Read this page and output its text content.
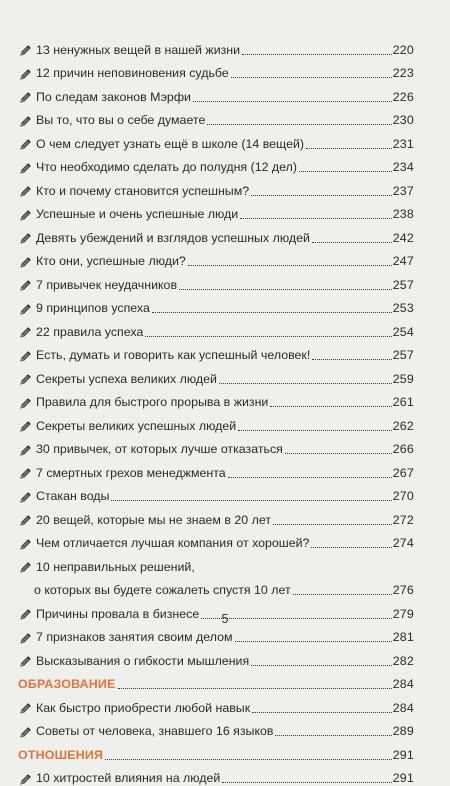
13 ненужных вещей в нашей жизни	220
12 причин неповиновения судьбе	223
По следам законов Мэрфи	226
Вы то, что вы о себе думаете	230
О чем следует узнать ещё в школе (14 вещей)	231
Что необходимо сделать до полудня (12 дел)	234
Кто и почему становится успешным?	237
Успешные и очень успешные люди	238
Девять убеждений и взглядов успешных людей	242
Кто они, успешные люди?	247
7 привычек неудачников	257
9 принципов успеха	253
22 правила успеха	254
Есть, думать и говорить как успешный человек!	257
Секреты успеха великих людей	259
Правила для быстрого прорыва в жизни	261
Секреты великих успешных людей	262
30 привычек, от которых лучше отказаться	266
7 смертных грехов менеджмента	267
Стакан воды	270
20 вещей, которые мы не знаем в 20 лет	272
Чем отличается лучшая компания от хорошей?	274
10 неправильных решений,
о которых вы будете сожалеть спустя 10 лет	276
Причины провала в бизнесе	279
7 признаков занятия своим делом	281
Высказывания о гибкости мышления	282
ОБРАЗОВАНИЕ	284
Как быстро приобрести любой навык	284
Советы от человека, знавшего 16 языков	289
ОТНОШЕНИЯ	291
10 хитростей влияния на людей	291
5
